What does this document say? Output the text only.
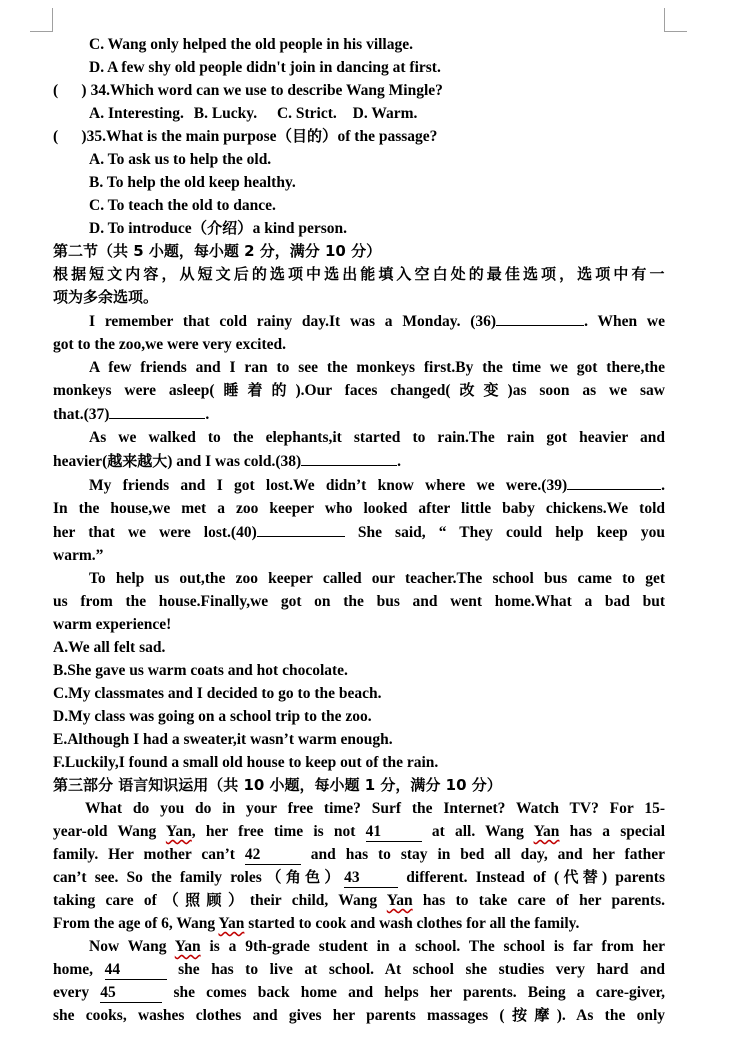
C. Wang only helped the old people in his village.
D. A few shy old people didn't join in dancing at first.
(      ) 34.Which word can we use to describe Wang Mingle?
A. Interesting. B. Lucky. C. Strict. D. Warm.
(      )35.What is the main purpose（目的）of the passage?
A. To ask us to help the old.
B. To help the old keep healthy.
C. To teach the old to dance.
D. To introduce（介绍）a kind person.
第二节（共 5 小题，每小题 2 分，满分 10 分）
根据短文内容，从短文后的选项中选出能填入空白处的最佳选项，选项中有一
项为多余选项。
I remember that cold rainy day.It was a Monday. (36)	. When we
got to the zoo,we were very excited.
A few friends and I ran to see the monkeys first.By the time we got there,the
monkeys were asleep(睡着的).Our faces changed(改变)as soon as we saw
that.(37)	.
As we walked to the elephants,it started to rain.The rain got heavier and
heavier(越来越大) and I was cold.(38)	.
My friends and I got lost.We didn’t know where we were.(39)	.
In the house,we met a zoo keeper who looked after little baby chickens.We told
her that we were lost.(40)	She said, “ They could help keep you
warm.”
To help us out,the zoo keeper called our teacher.The school bus came to get
us from the house.Finally,we got on the bus and went home.What a bad but
warm experience!
A.We all felt sad.
B.She gave us warm coats and hot chocolate.
C.My classmates and I decided to go to the beach.
D.My class was going on a school trip to the zoo.
E.Although I had a sweater,it wasn’t warm enough.
F.Luckily,I found a small old house to keep out of the rain.
第三部分 语言知识运用（共 10 小题，每小题 1 分，满分 10 分）
What do you do in your free time? Surf the Internet? Watch TV? For 15-
year-old Wang Yan, her free time is not 41	at all. Wang Yan has a special
family. Her mother can’t 42	and has to stay in bed all day, and her father
can’t see. So the family roles（角色）43 different. Instead of (代替) parents
taking care of（照顾）their child, Wang Yan has to take care of her parents.
From the age of 6, Wang Yan started to cook and wash clothes for all the family.
Now Wang Yan is a 9th-grade student in a school. The school is far from her
home, 44	she has to live at school. At school she studies very hard and
every 45	she comes back home and helps her parents. Being a care-giver,
she cooks, washes clothes and gives her parents massages (按摩). As the only
